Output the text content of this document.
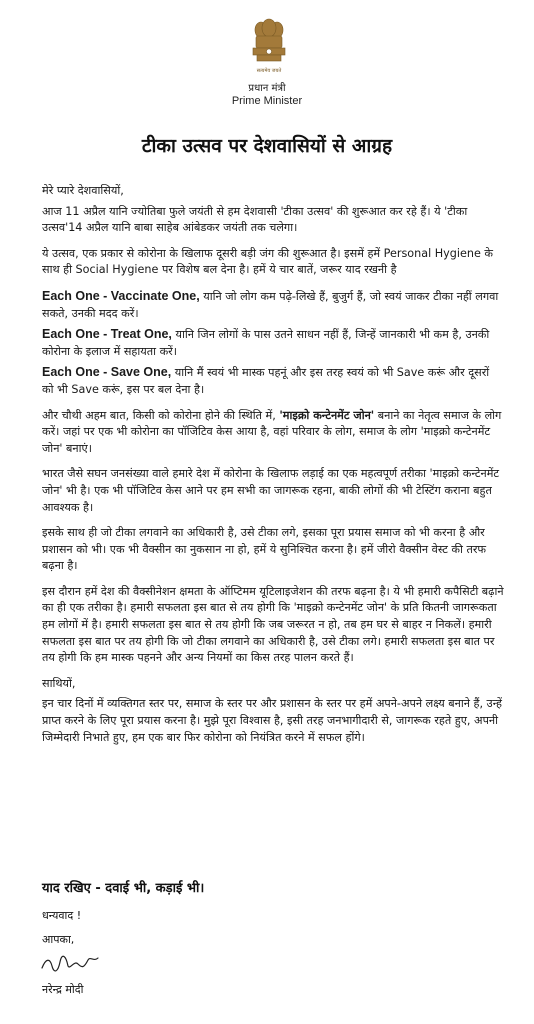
सत्यमेव जयते
प्रधान मंत्री
Prime Minister
टीका उत्सव पर देशवासियों से आग्रह

मेरे प्यारे देशवासियों,

आज 11 अप्रैल यानि ज्योतिबा फुले जयंती से हम देशवासी 'टीका उत्सव' की शुरूआत कर रहे हैं। ये 'टीका उत्सव'14 अप्रैल यानि बाबा साहेब आंबेडकर जयंती तक चलेगा।

ये उत्सव, एक प्रकार से कोरोना के खिलाफ दूसरी बड़ी जंग की शुरूआत है। इसमें हमें Personal Hygiene के साथ ही Social Hygiene पर विशेष बल देना है। हमें ये चार बातें, जरूर याद रखनी है

Each One - Vaccinate One, यानि जो लोग कम पढ़े-लिखे हैं, बुजुर्ग हैं, जो स्वयं जाकर टीका नहीं लगवा सकते, उनकी मदद करें।

Each One - Treat One, यानि जिन लोगों के पास उतने साधन नहीं हैं, जिन्हें जानकारी भी कम है, उनकी कोरोना के इलाज में सहायता करें।

Each One - Save One, यानि मैं स्वयं भी मास्क पहनूं और इस तरह स्वयं को भी Save करूं और दूसरों को भी Save करूं, इस पर बल देना है।

और चौथी अहम बात, किसी को कोरोना होने की स्थिति में, 'माइक्रो कन्टेनमेंट जोन' बनाने का नेतृत्व समाज के लोग करें। जहां पर एक भी कोरोना का पॉजिटिव केस आया है, वहां परिवार के लोग, समाज के लोग 'माइक्रो कन्टेनमेंट जोन' बनाएं।

भारत जैसे सघन जनसंख्या वाले हमारे देश में कोरोना के खिलाफ लड़ाई का एक महत्वपूर्ण तरीका 'माइक्रो कन्टेनमेंट जोन' भी है। एक भी पॉजिटिव केस आने पर हम सभी का जागरूक रहना, बाकी लोगों की भी टेस्टिंग कराना बहुत आवश्यक है।

इसके साथ ही जो टीका लगवाने का अधिकारी है, उसे टीका लगे, इसका पूरा प्रयास समाज को भी करना है और प्रशासन को भी। एक भी वैक्सीन का नुकसान ना हो, हमें ये सुनिश्चित करना है। हमें जीरो वैक्सीन वेस्ट की तरफ बढ़ना है।

इस दौरान हमें देश की वैक्सीनेशन क्षमता के ऑप्टिमम यूटिलाइजेशन की तरफ बढ़ना है। ये भी हमारी कपैसिटी बढ़ाने का ही एक तरीका है। हमारी सफलता इस बात से तय होगी कि 'माइक्रो कन्टेनमेंट जोन' के प्रति कितनी जागरूकता हम लोगों में है। हमारी सफलता इस बात से तय होगी कि जब जरूरत न हो, तब हम घर से बाहर न निकलें। हमारी सफलता इस बात पर तय होगी कि जो टीका लगवाने का अधिकारी है, उसे टीका लगे। हमारी सफलता इस बात पर तय होगी कि हम मास्क पहनने और अन्य नियमों का किस तरह पालन करते हैं।

साथियों,

इन चार दिनों में व्यक्तिगत स्तर पर, समाज के स्तर पर और प्रशासन के स्तर पर हमें अपने-अपने लक्ष्य बनाने हैं, उन्हें प्राप्त करने के लिए पूरा प्रयास करना है। मुझे पूरा विश्वास है, इसी तरह जनभागीदारी से, जागरूक रहते हुए, अपनी जिम्मेदारी निभाते हुए, हम एक बार फिर कोरोना को नियंत्रित करने में सफल होंगे।

याद रखिए - दवाई भी, कड़ाई भी।
धन्यवाद !
आपका,
नरेन्द्र मोदी
